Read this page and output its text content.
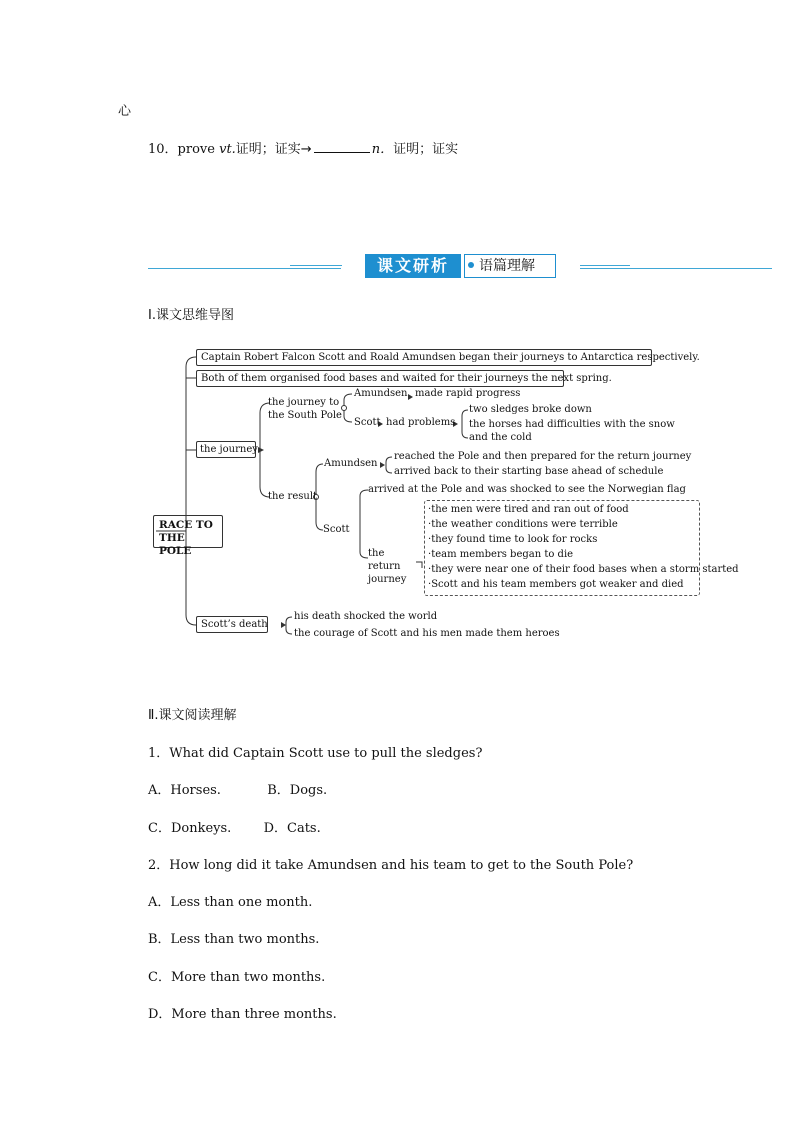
心
10．prove vt.证明；证实→	n．证明；证实
课文研析	语篇理解
Ⅰ.课文思维导图
Captain Robert Falcon Scott and Roald Amundsen began their journeys to Antarctica respectively.
Both of them organised food bases and waited for their journeys the next spring.
the journey
RACE TO THE POLE
Scott’s death
the journey to the South Pole
Amundsen made rapid progress
Scott had problems
two sledges broke down
the horses had difficulties with the snow
and the cold
the result
Amundsen
reached the Pole and then prepared for the return journey
arrived back to their starting base ahead of schedule
Scott
arrived at the Pole and was shocked to see the Norwegian flag
the return journey
·the men were tired and ran out of food
·the weather conditions were terrible
·they found time to look for rocks
·team members began to die
·they were near one of their food bases when a storm started
·Scott and his team members got weaker and died
his death shocked the world
the courage of Scott and his men made them heroes
Ⅱ.课文阅读理解
1．What did Captain Scott use to pull the sledges?
A．Horses.	B．Dogs.
C．Donkeys. D．Cats.
2．How long did it take Amundsen and his team to get to the South Pole?
A．Less than one month.
B．Less than two months.
C．More than two months.
D．More than three months.
